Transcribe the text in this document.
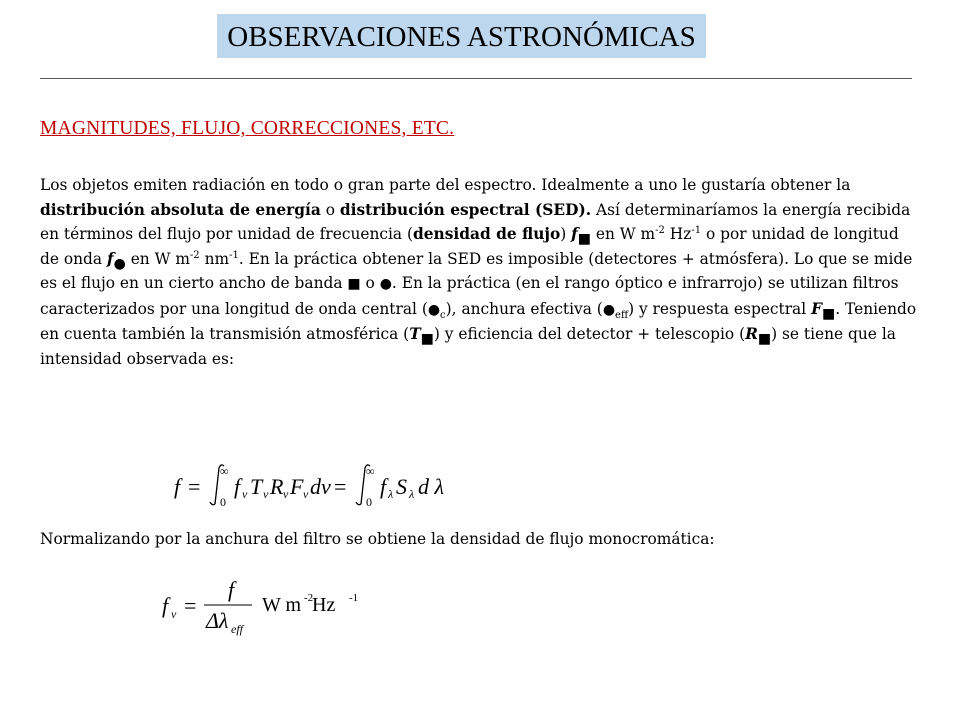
OBSERVACIONES ASTRONÓMICAS
MAGNITUDES, FLUJO, CORRECCIONES, ETC.
Los objetos emiten radiación en todo o gran parte del espectro. Idealmente a uno le gustaría obtener la distribución absoluta de energía o distribución espectral (SED). Así determinaríamos la energía recibida en términos del flujo por unidad de frecuencia (densidad de flujo) $f_■$ en W $m^{-2}$ $Hz^{-1}$ o por unidad de longitud de onda $f_●$ en W $m^{-2}$ $nm^{-1}$. En la práctica obtener la SED es imposible (detectores + atmósfera). Lo que se mide es el flujo en un cierto ancho de banda ■ o ●. En la práctica (en el rango óptico e infrarrojo) se utilizan filtros caracterizados por una longitud de onda central $(●_c)$, anchura efectiva $(●_{eff})$ y respuesta espectral $F_■$. Teniendo en cuenta también la transmisión atmosférica $(T_■)$ y eficiencia del detector + telescopio $(R_■)$ se tiene que la intensidad observada es:
f =
∞
0
f ν T ν R ν F ν dν =
∞
0
f λ S λ d λ
Normalizando por la anchura del filtro se obtiene la densidad de flujo monocromática:
f ν =
f
Δλ eff
W m -2
Hz -1
